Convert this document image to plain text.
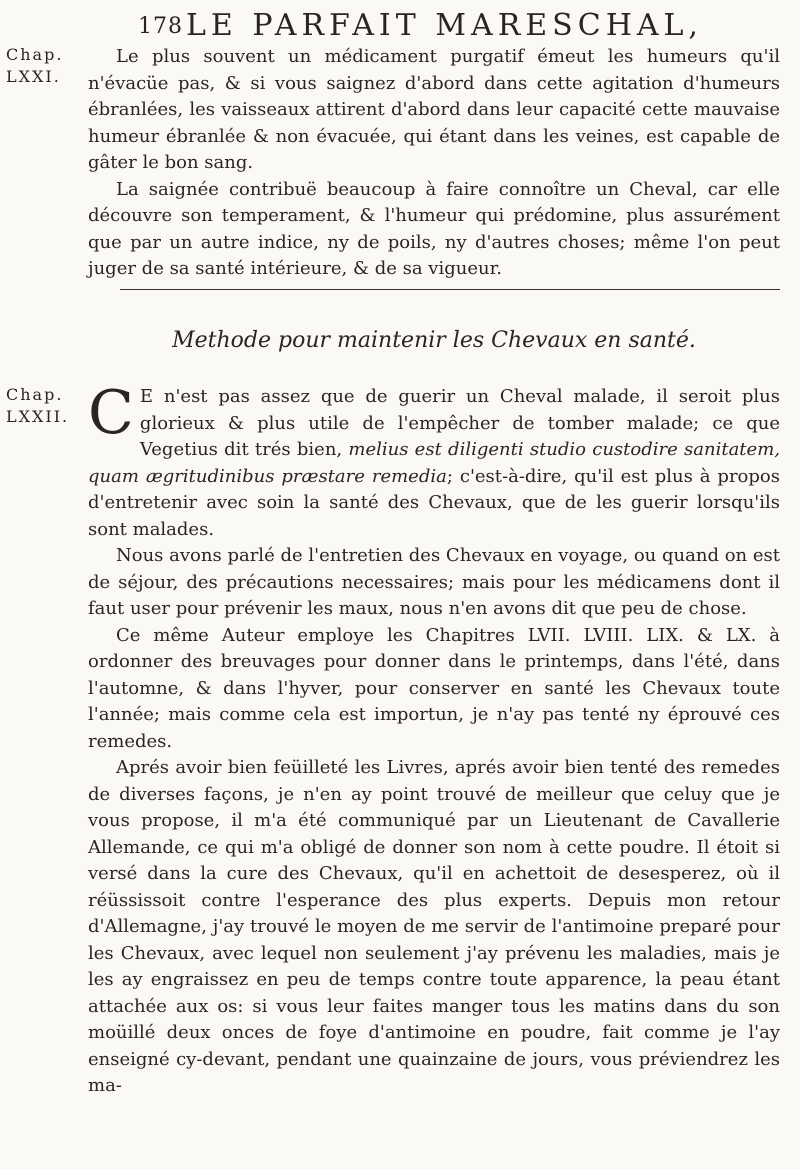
178 LE PARFAIT MARESCHAL,
Chap.
LXXI.

Le plus souvent un médicament purgatif émeut les humeurs qu'il n'évacüe pas, & si vous saignez d'abord dans cette agitation d'humeurs ébranlées, les vaisseaux attirent d'abord dans leur capacité cette mauvaise humeur ébranlée & non évacuée, qui étant dans les veines, est capable de gâter le bon sang.

La saignée contribuë beaucoup à faire connoître un Cheval, car elle découvre son temperament, & l'humeur qui prédomine, plus assurément que par un autre indice, ny de poils, ny d'autres choses; même l'on peut juger de sa santé intérieure, & de sa vigueur.

Methode pour maintenir les Chevaux en santé.
Chap.
LXXII. C E n'est pas assez que de guerir un Cheval malade, il seroit plus glorieux & plus utile de l'empêcher de tomber malade; ce que Vegetius dit trés bien, melius est diligenti studio custodire sanitatem, quam ægritudinibus præstare remedia; c'est-à-dire, qu'il est plus à propos d'entretenir avec soin la santé des Chevaux, que de les guerir lorsqu'ils sont malades.

Nous avons parlé de l'entretien des Chevaux en voyage, ou quand on est de séjour, des précautions necessaires; mais pour les médicamens dont il faut user pour prévenir les maux, nous n'en avons dit que peu de chose.

Ce même Auteur employe les Chapitres LVII. LVIII. LIX. & LX. à ordonner des breuvages pour donner dans le printemps, dans l'été, dans l'automne, & dans l'hyver, pour conserver en santé les Chevaux toute l'année; mais comme cela est importun, je n'ay pas tenté ny éprouvé ces remedes.

Aprés avoir bien feüilleté les Livres, aprés avoir bien tenté des remedes de diverses façons, je n'en ay point trouvé de meilleur que celuy que je vous propose, il m'a été communiqué par un Lieutenant de Cavallerie Allemande, ce qui m'a obligé de donner son nom à cette poudre. Il étoit si versé dans la cure des Chevaux, qu'il en achettoit de desesperez, où il réüssissoit contre l'esperance des plus experts. Depuis mon retour d'Allemagne, j'ay trouvé le moyen de me servir de l'antimoine preparé pour les Chevaux, avec lequel non seulement j'ay prévenu les maladies, mais je les ay engraissez en peu de temps contre toute apparence, la peau étant attachée aux os: si vous leur faites manger tous les matins dans du son moüillé deux onces de foye d'antimoine en poudre, fait comme je l'ay enseigné cy-devant, pendant une quainzaine de jours, vous préviendrez les ma-
